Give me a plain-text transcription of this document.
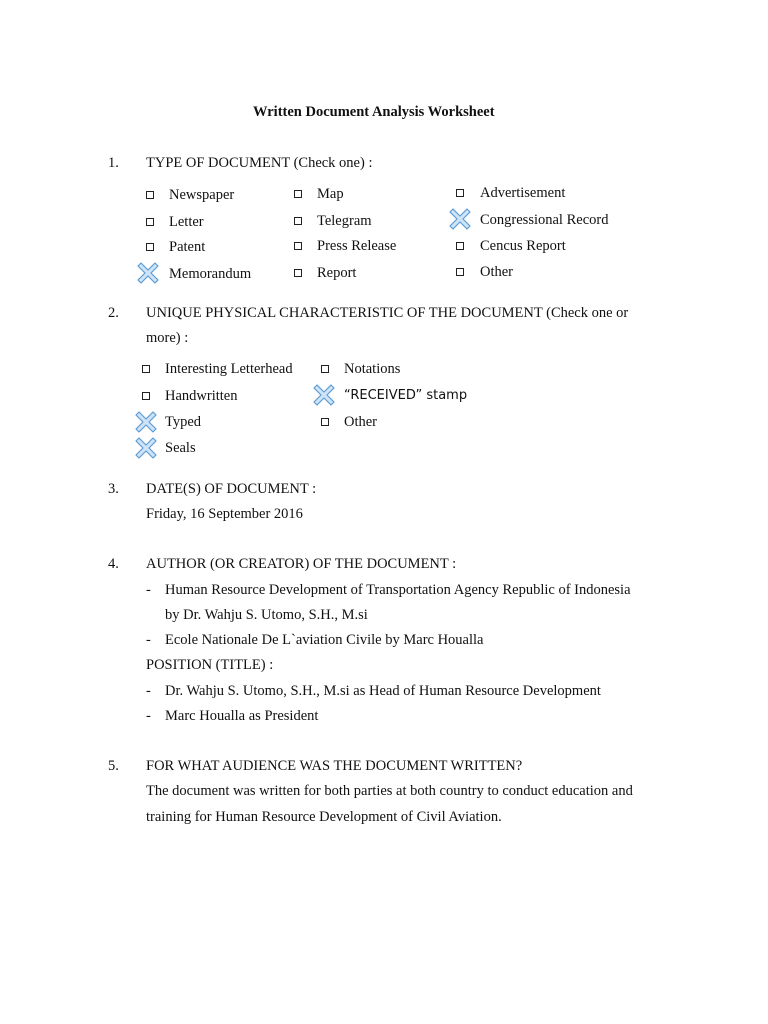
Written Document Analysis Worksheet
1. TYPE OF DOCUMENT (Check one) :
Newspaper
Letter
Patent
Memorandum
Map
Telegram
Press Release
Report
Advertisement
Congressional Record
Cencus Report
Other
2. UNIQUE PHYSICAL CHARACTERISTIC OF THE DOCUMENT (Check one or
more) :
Interesting Letterhead
Handwritten
Typed
Seals
Notations
“RECEIVED” stamp
Other
3. DATE(S) OF DOCUMENT :
Friday, 16 September 2016
4. AUTHOR (OR CREATOR) OF THE DOCUMENT :
- Human Resource Development of Transportation Agency Republic of Indonesia
by Dr. Wahju S. Utomo, S.H., M.si
- Ecole Nationale De L`aviation Civile by Marc Houalla
POSITION (TITLE) :
- Dr. Wahju S. Utomo, S.H., M.si as Head of Human Resource Development
- Marc Houalla as President
5. FOR WHAT AUDIENCE WAS THE DOCUMENT WRITTEN?
The document was written for both parties at both country to conduct education and
training for Human Resource Development of Civil Aviation.
